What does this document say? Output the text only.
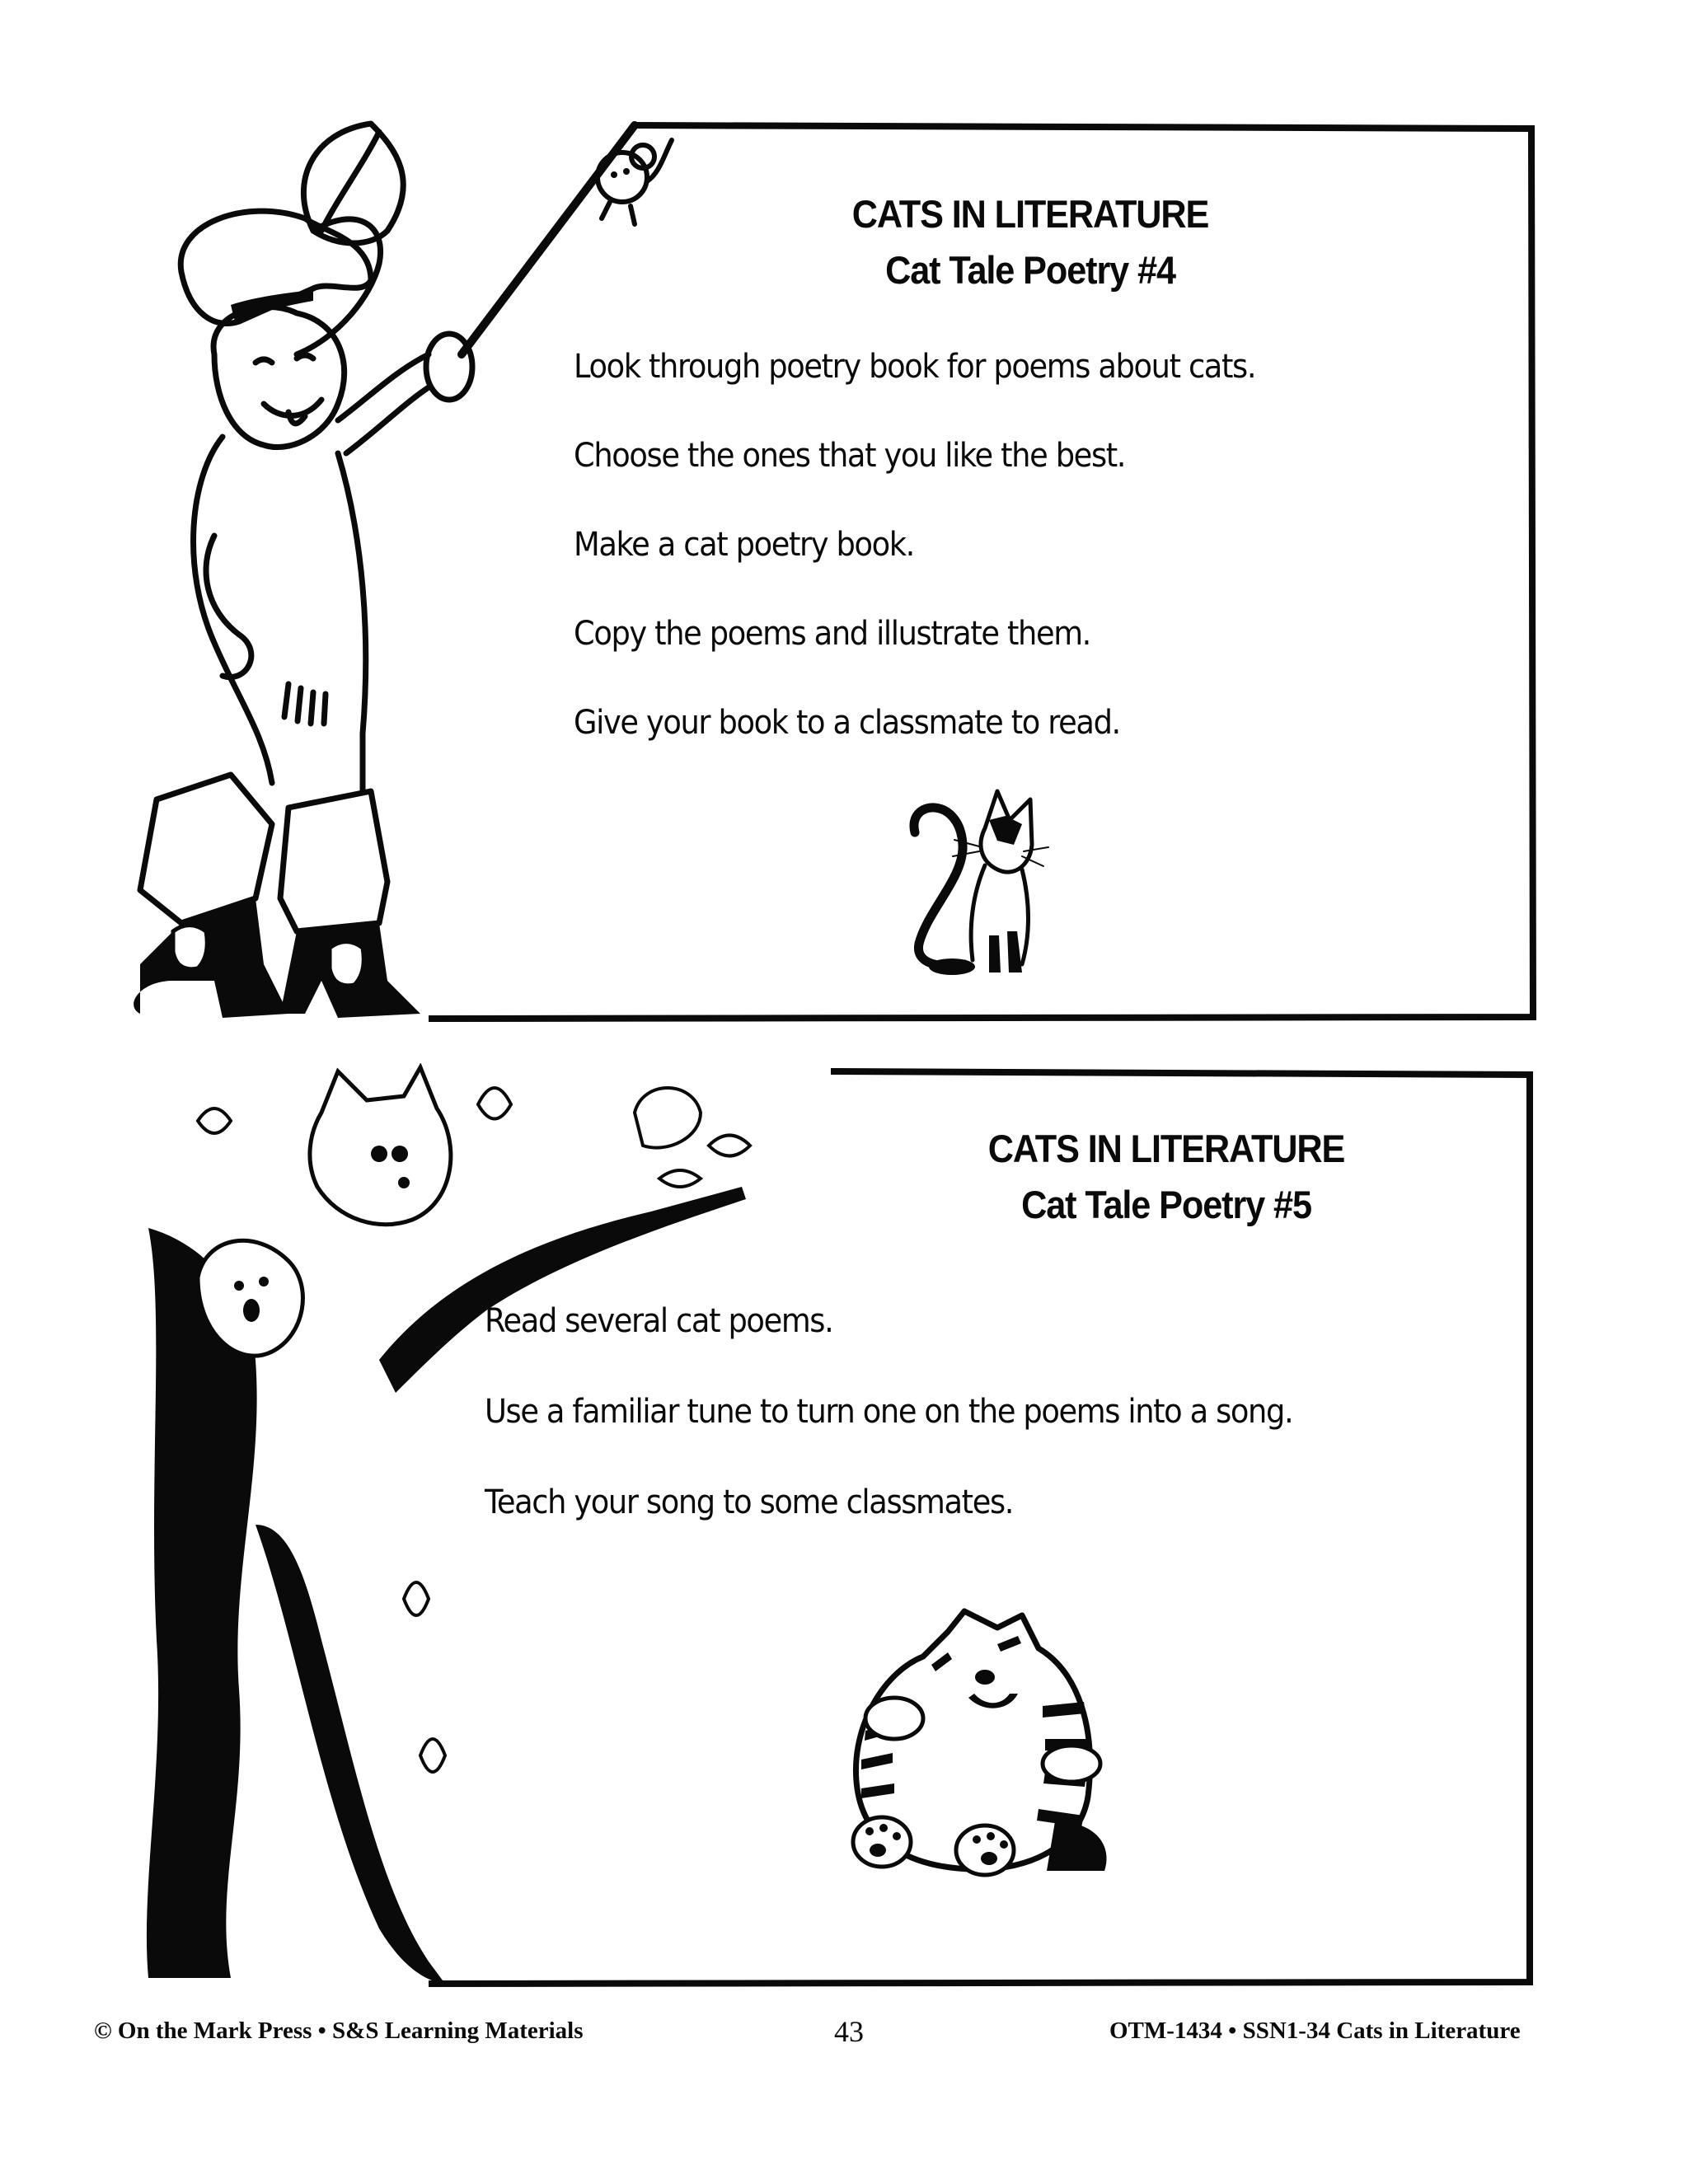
CATS IN LITERATURE
Cat Tale Poetry #4
Look through poetry book for poems about cats.
Choose the ones that you like the best.
Make a cat poetry book.
Copy the poems and illustrate them.
Give your book to a classmate to read.
CATS IN LITERATURE
Cat Tale Poetry #5
Read several cat poems.
Use a familiar tune to turn one on the poems into a song.
Teach your song to some classmates.
© On the Mark Press • S&S Learning Materials	43	OTM-1434 • SSN1-34 Cats in Literature
